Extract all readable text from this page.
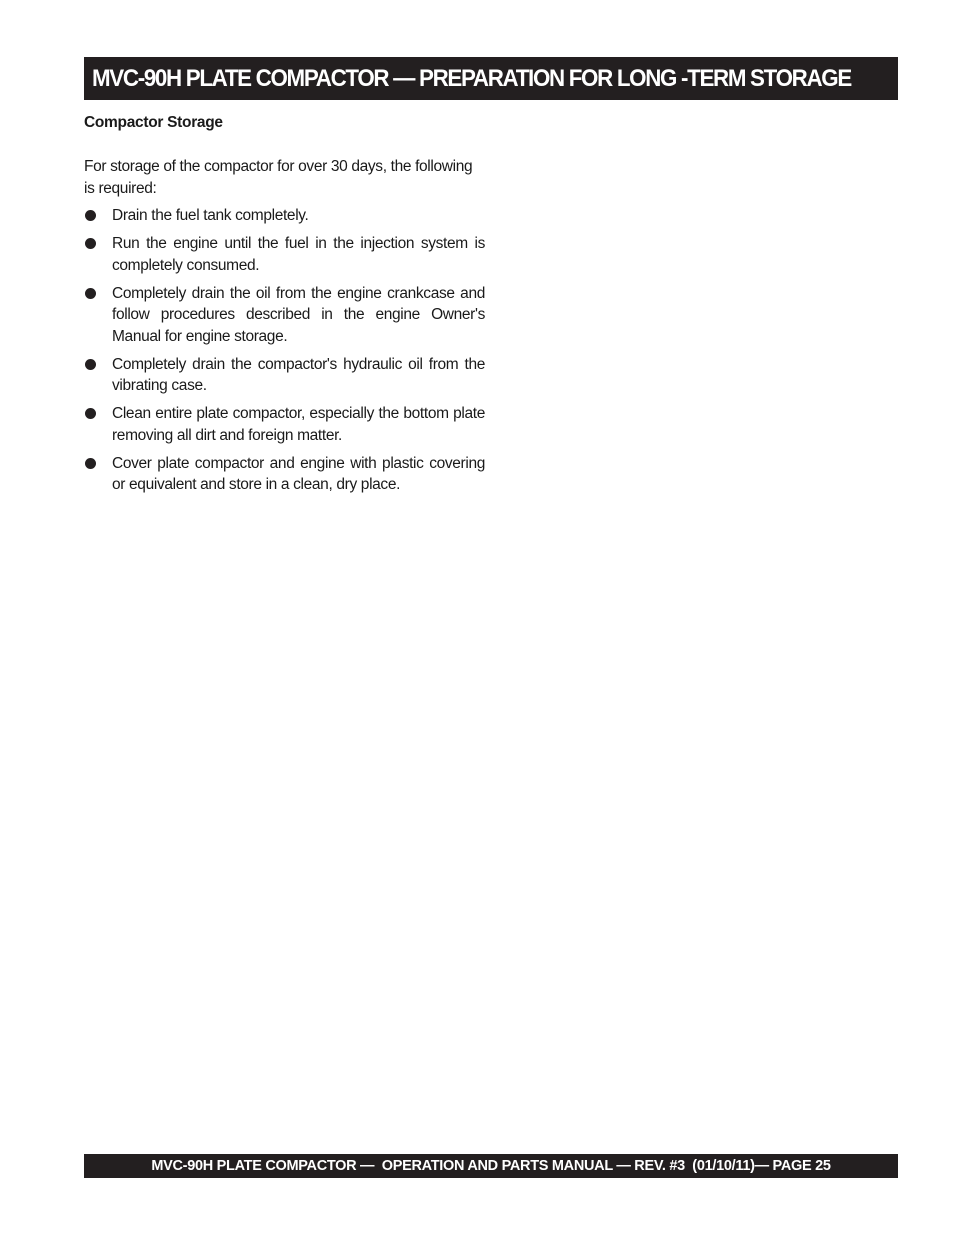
MVC-90H PLATE COMPACTOR — PREPARATION FOR LONG -TERM STORAGE
Compactor Storage

For storage of the compactor for over 30 days, the following is required:

Drain the fuel tank completely.
Run the engine until the fuel in the injection system is completely consumed.
Completely drain the oil from the engine crankcase and follow procedures described in the engine Owner's Manual for engine storage.
Completely drain the compactor's hydraulic oil from the vibrating case.
Clean entire plate compactor, especially the bottom plate removing all dirt and foreign matter.
Cover plate compactor and engine with plastic covering or equivalent and store in a clean, dry place.
MVC-90H PLATE COMPACTOR —  OPERATION AND PARTS MANUAL — REV. #3  (01/10/11)— PAGE 25
